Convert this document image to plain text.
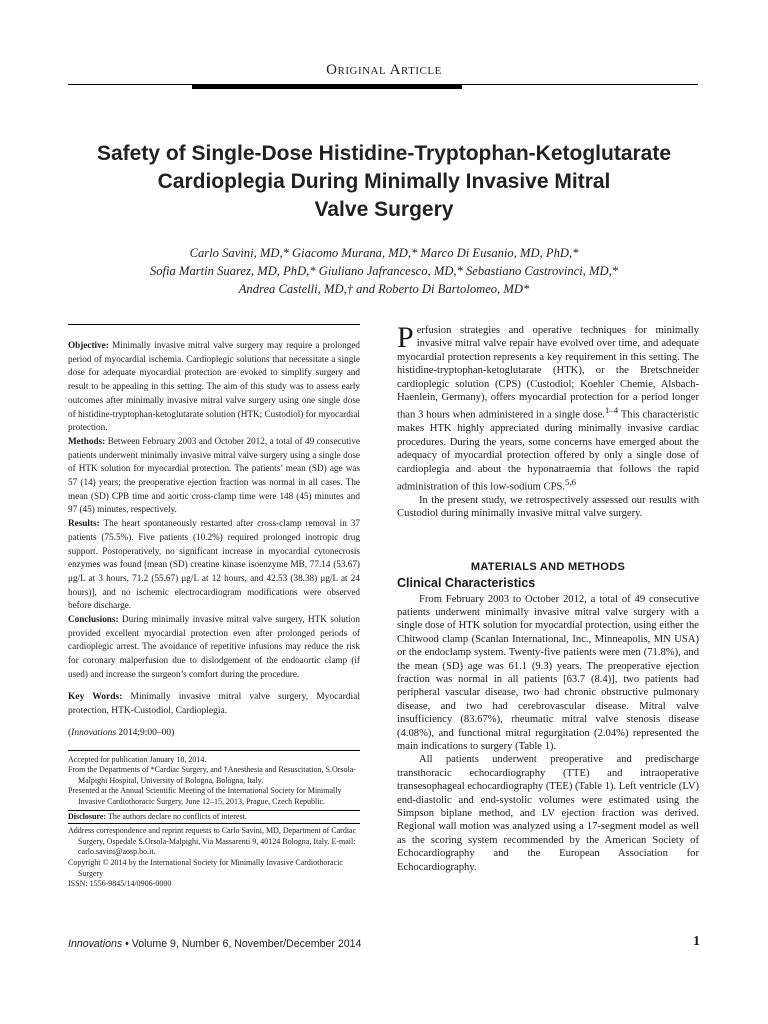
Original Article
Safety of Single-Dose Histidine-Tryptophan-Ketoglutarate
Cardioplegia During Minimally Invasive Mitral
Valve Surgery
Carlo Savini, MD,* Giacomo Murana, MD,* Marco Di Eusanio, MD, PhD,*
Sofia Martin Suarez, MD, PhD,* Giuliano Jafrancesco, MD,* Sebastiano Castrovinci, MD,*
Andrea Castelli, MD,† and Roberto Di Bartolomeo, MD*

Objective: Minimally invasive mitral valve surgery may require a prolonged period of myocardial ischemia. Cardioplegic solutions that necessitate a single dose for adequate myocardial protection are evoked to simplify surgery and result to be appealing in this setting. The aim of this study was to assess early outcomes after minimally invasive mitral valve surgery using one single dose of histidine-tryptophan-ketoglutarate solution (HTK; Custodiol) for myocardial protection.

Methods: Between February 2003 and October 2012, a total of 49 consecutive patients underwent minimally invasive mitral valve surgery using a single dose of HTK solution for myocardial protection. The patients’ mean (SD) age was 57 (14) years; the preoperative ejection fraction was normal in all cases. The mean (SD) CPB time and aortic cross-clamp time were 148 (45) minutes and 97 (45) minutes, respectively.

Results: The heart spontaneously restarted after cross-clamp removal in 37 patients (75.5%). Five patients (10.2%) required prolonged inotropic drug support. Postoperatively, no significant increase in myocardial cytonecrosis enzymes was found [mean (SD) creatine kinase isoenzyme MB, 77.14 (53.67) μg/L at 3 hours, 71.2 (55.67) μg/L at 12 hours, and 42.53 (38.38) μg/L at 24 hours)], and no ischemic electrocardiogram modifications were observed before discharge.

Conclusions: During minimally invasive mitral valve surgery, HTK solution provided excellent myocardial protection even after prolonged periods of cardioplegic arrest. The avoidance of repetitive infusions may reduce the risk for coronary malperfusion due to dislodgement of the endoaortic clamp (if used) and increase the surgeon’s comfort during the procedure.

Key Words: Minimally invasive mitral valve surgery, Myocardial protection, HTK-Custodiol, Cardioplegia.
(Innovations 2014;9:00–00)

Accepted for publication January 18, 2014.

From the Departments of *Cardiac Surgery, and †Anesthesia and Resuscitation, S.Orsola-Malpighi Hospital, University of Bologna, Bologna, Italy.

Presented at the Annual Scientific Meeting of the International Society for Minimally Invasive Cardiothoracic Surgery, June 12–15, 2013, Prague, Czech Republic.

Disclosure: The authors declare no conflicts of interest.

Address correspondence and reprint requests to Carlo Savini, MD, Department of Cardiac Surgery, Ospedale S.Orsola-Malpighi, Via Massarenti 9, 40124 Bologna, Italy. E-mail: carlo.savini@aosp.bo.it.

Copyright © 2014 by the International Society for Minimally Invasive Cardiothoracic Surgery

ISSN: 1556-9845/14/0906-0000

Perfusion strategies and operative techniques for minimally invasive mitral valve repair have evolved over time, and adequate myocardial protection represents a key requirement in this setting. The histidine-tryptophan-ketoglutarate (HTK), or the Bretschneider cardioplegic solution (CPS) (Custodiol; Koehler Chemie, Alsbach-Haenlein, Germany), offers myocardial protection for a period longer than 3 hours when administered in a single dose.$^{1-4}$ This characteristic makes HTK highly appreciated during minimally invasive cardiac procedures. During the years, some concerns have emerged about the adequacy of myocardial protection offered by only a single dose of cardioplegia and about the hyponatraemia that follows the rapid administration of this low-sodium CPS.$^{5,6}$

In the present study, we retrospectively assessed our results with Custodiol during minimally invasive mitral valve surgery.

MATERIALS AND METHODS
Clinical Characteristics

From February 2003 to October 2012, a total of 49 consecutive patients underwent minimally invasive mitral valve surgery with a single dose of HTK solution for myocardial protection, using either the Chitwood clamp (Scanlan International, Inc., Minneapolis, MN USA) or the endoclamp system. Twenty-five patients were men (71.8%), and the mean (SD) age was 61.1 (9.3) years. The preoperative ejection fraction was normal in all patients [63.7 (8.4)], two patients had peripheral vascular disease, two had chronic obstructive pulmonary disease, and two had cerebrovascular disease. Mitral valve insufficiency (83.67%), rheumatic mitral valve stenosis disease (4.08%), and functional mitral regurgitation (2.04%) represented the main indications to surgery (Table 1).

All patients underwent preoperative and predischarge transthoracic echocardiography (TTE) and intraoperative transesophageal echocardiography (TEE) (Table 1). Left ventricle (LV) end-diastolic and end-systolic volumes were estimated using the Simpson biplane method, and LV ejection fraction was derived. Regional wall motion was analyzed using a 17-segment model as well as the scoring system recommended by the American Society of Echocardiography and the European Association for Echocardiography.

Innovations • Volume 9, Number 6, November/December 2014	1
